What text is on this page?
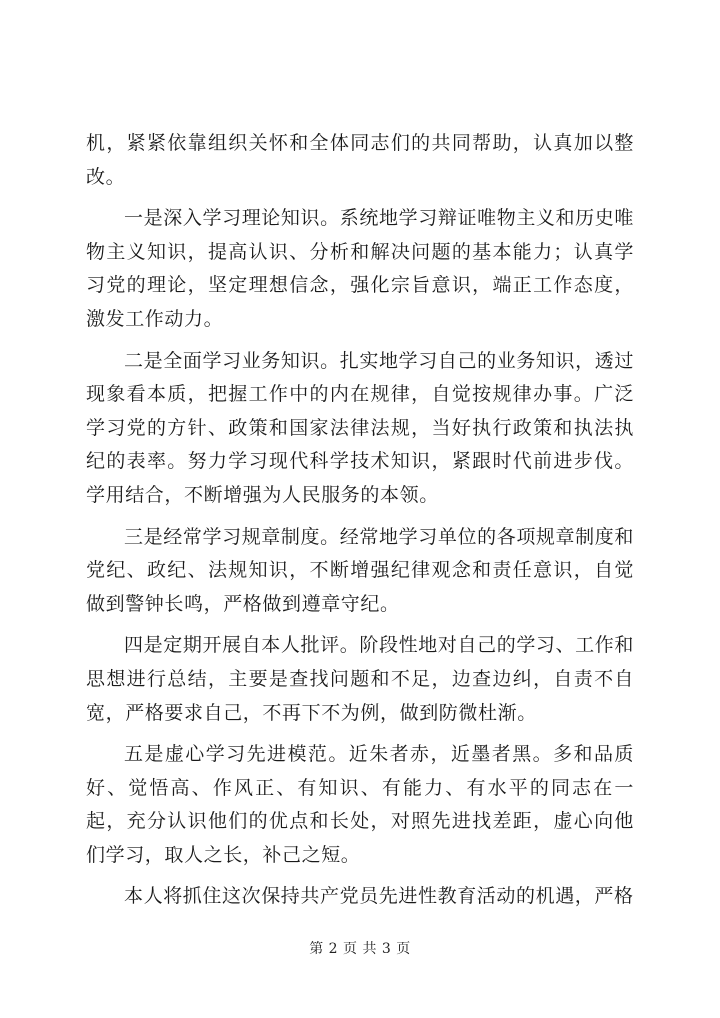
机，紧紧依靠组织关怀和全体同志们的共同帮助，认真加以整改。

一是深入学习理论知识。系统地学习辩证唯物主义和历史唯物主义知识，提高认识、分析和解决问题的基本能力；认真学习党的理论，坚定理想信念，强化宗旨意识，端正工作态度，激发工作动力。

二是全面学习业务知识。扎实地学习自己的业务知识，透过现象看本质，把握工作中的内在规律，自觉按规律办事。广泛学习党的方针、政策和国家法律法规，当好执行政策和执法执纪的表率。努力学习现代科学技术知识，紧跟时代前进步伐。学用结合，不断增强为人民服务的本领。

三是经常学习规章制度。经常地学习单位的各项规章制度和党纪、政纪、法规知识，不断增强纪律观念和责任意识，自觉做到警钟长鸣，严格做到遵章守纪。

四是定期开展自本人批评。阶段性地对自己的学习、工作和思想进行总结，主要是查找问题和不足，边查边纠，自责不自宽，严格要求自己，不再下不为例，做到防微杜渐。

五是虚心学习先进模范。近朱者赤，近墨者黑。多和品质好、觉悟高、作风正、有知识、有能力、有水平的同志在一起，充分认识他们的优点和长处，对照先进找差距，虚心向他们学习，取人之长，补己之短。

本人将抓住这次保持共产党员先进性教育活动的机遇，严格

第 2 页 共 3 页
